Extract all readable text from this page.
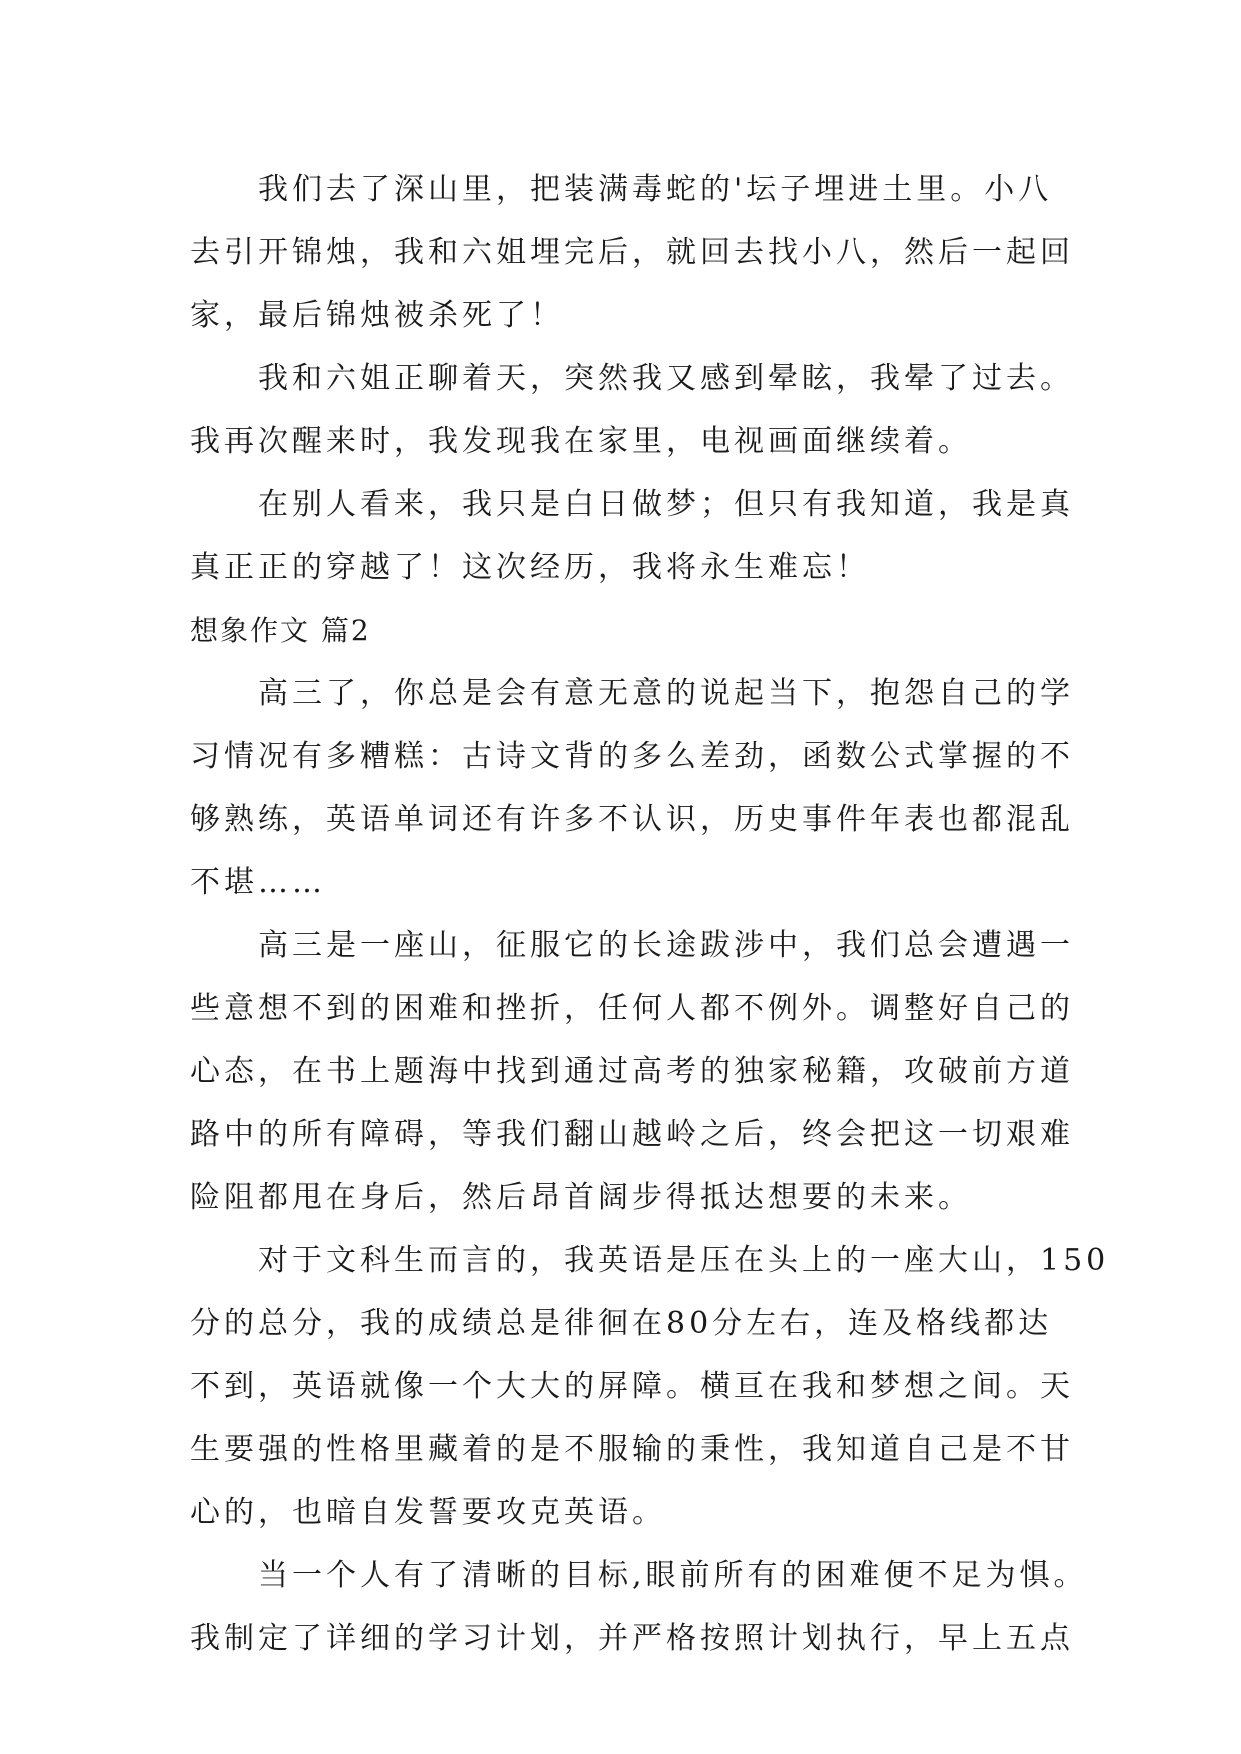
我们去了深山里，把装满毒蛇的'坛子埋进土里。小八
去引开锦烛，我和六姐埋完后，就回去找小八，然后一起回
家，最后锦烛被杀死了！

我和六姐正聊着天，突然我又感到晕眩，我晕了过去。
我再次醒来时，我发现我在家里，电视画面继续着。

在别人看来，我只是白日做梦；但只有我知道，我是真
真正正的穿越了！这次经历，我将永生难忘！

想象作文 篇2

高三了，你总是会有意无意的说起当下，抱怨自己的学
习情况有多糟糕：古诗文背的多么差劲，函数公式掌握的不
够熟练，英语单词还有许多不认识，历史事件年表也都混乱
不堪……

高三是一座山，征服它的长途跋涉中，我们总会遭遇一
些意想不到的困难和挫折，任何人都不例外。调整好自己的
心态，在书上题海中找到通过高考的独家秘籍，攻破前方道
路中的所有障碍，等我们翻山越岭之后，终会把这一切艰难
险阻都甩在身后，然后昂首阔步得抵达想要的未来。

对于文科生而言的，我英语是压在头上的一座大山，150
分的总分，我的成绩总是徘徊在80分左右，连及格线都达
不到，英语就像一个大大的屏障。横亘在我和梦想之间。天
生要强的性格里藏着的是不服输的秉性，我知道自己是不甘
心的，也暗自发誓要攻克英语。

当一个人有了清晰的目标,眼前所有的困难便不足为惧。
我制定了详细的学习计划，并严格按照计划执行，早上五点
